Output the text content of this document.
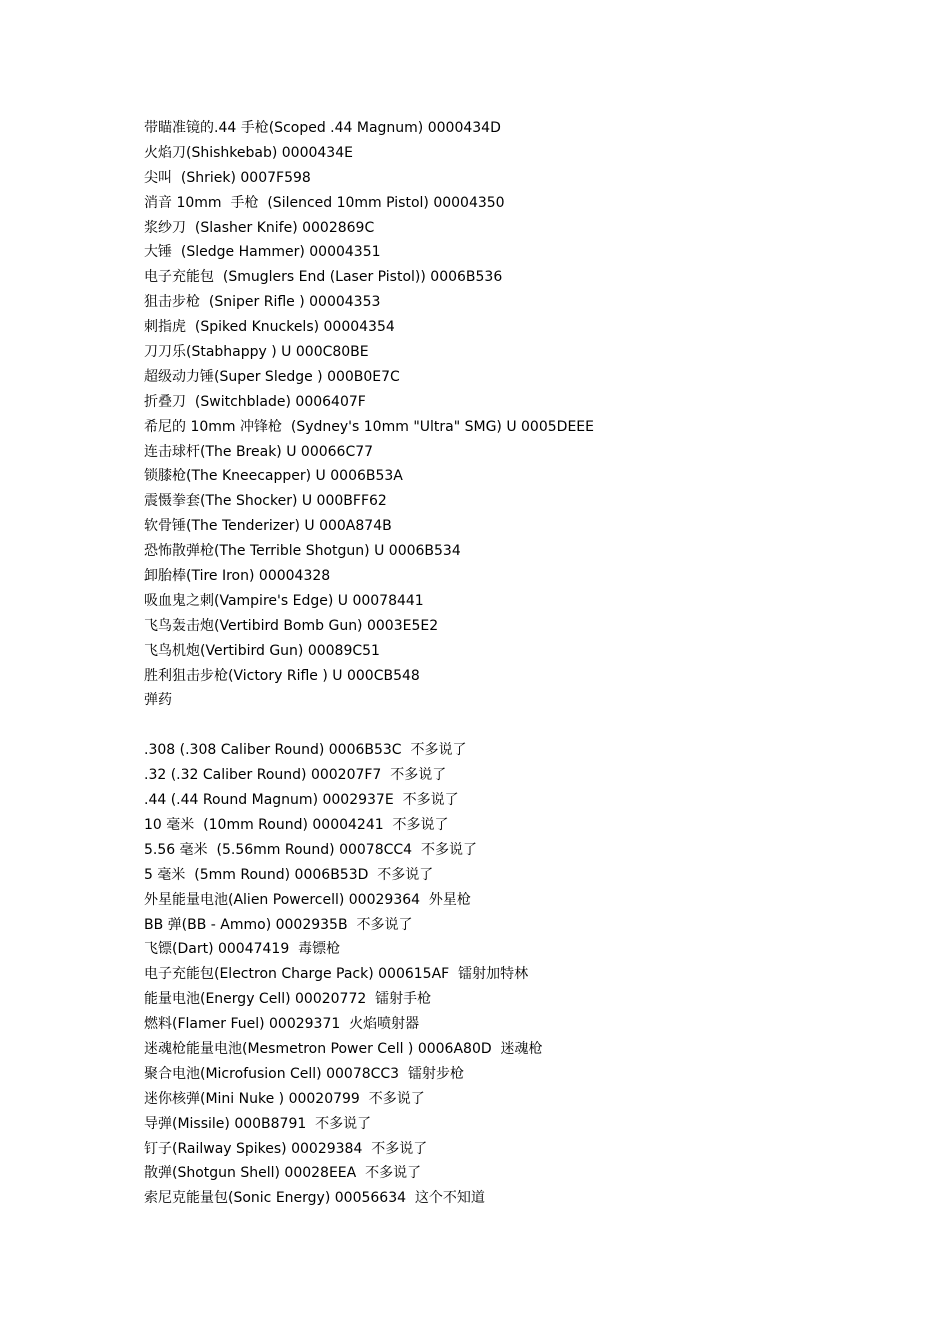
带瞄准镜的.44 手枪(Scoped .44 Magnum) 0000434D
火焰刀(Shishkebab) 0000434E
尖叫  (Shriek) 0007F598
消音 10mm  手枪  (Silenced 10mm Pistol) 00004350
浆纱刀  (Slasher Knife) 0002869C
大锤  (Sledge Hammer) 00004351
电子充能包  (Smuglers End (Laser Pistol)) 0006B536
狙击步枪  (Sniper Rifle ) 00004353
刺指虎  (Spiked Knuckels) 00004354
刀刀乐(Stabhappy ) U 000C80BE
超级动力锤(Super Sledge ) 000B0E7C
折叠刀  (Switchblade) 0006407F
希尼的 10mm 冲锋枪  (Sydney's 10mm "Ultra" SMG) U 0005DEEE
连击球杆(The Break) U 00066C77
锁膝枪(The Kneecapper) U 0006B53A
震慑拳套(The Shocker) U 000BFF62
软骨锤(The Tenderizer) U 000A874B
恐怖散弹枪(The Terrible Shotgun) U 0006B534
卸胎棒(Tire Iron) 00004328
吸血鬼之刺(Vampire's Edge) U 00078441
飞鸟轰击炮(Vertibird Bomb Gun) 0003E5E2
飞鸟机炮(Vertibird Gun) 00089C51
胜利狙击步枪(Victory Rifle ) U 000CB548
弹药
.308 (.308 Caliber Round) 0006B53C  不多说了
.32 (.32 Caliber Round) 000207F7  不多说了
.44 (.44 Round Magnum) 0002937E  不多说了
10 毫米  (10mm Round) 00004241  不多说了
5.56 毫米  (5.56mm Round) 00078CC4  不多说了
5 毫米  (5mm Round) 0006B53D  不多说了
外星能量电池(Alien Powercell) 00029364  外星枪
BB 弹(BB - Ammo) 0002935B  不多说了
飞镖(Dart) 00047419  毒镖枪
电子充能包(Electron Charge Pack) 000615AF  镭射加特林
能量电池(Energy Cell) 00020772  镭射手枪
燃料(Flamer Fuel) 00029371  火焰喷射器
迷魂枪能量电池(Mesmetron Power Cell ) 0006A80D  迷魂枪
聚合电池(Microfusion Cell) 00078CC3  镭射步枪
迷你核弹(Mini Nuke ) 00020799  不多说了
导弹(Missile) 000B8791  不多说了
钉子(Railway Spikes) 00029384  不多说了
散弹(Shotgun Shell) 00028EEA  不多说了
索尼克能量包(Sonic Energy) 00056634  这个不知道
